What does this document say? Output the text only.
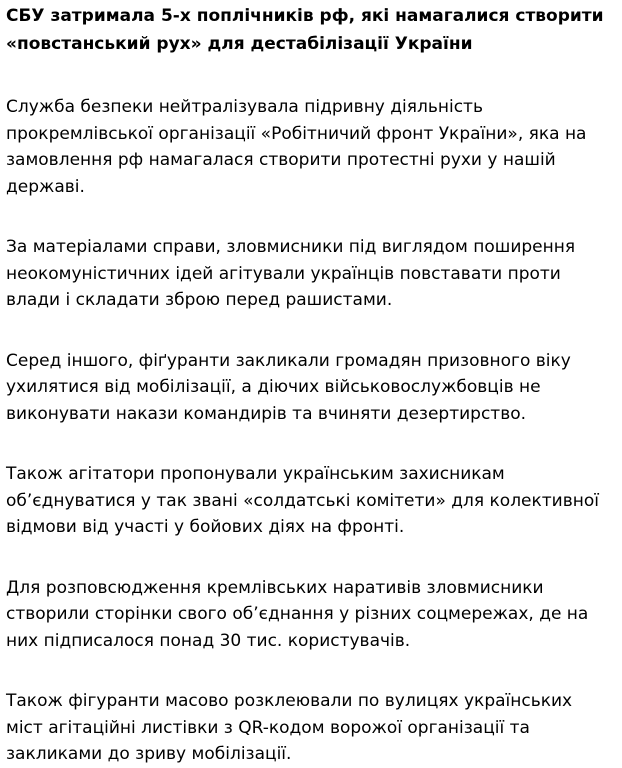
СБУ затримала 5-х поплічників рф, які намагалися створити «повстанський рух» для дестабілізації України

Служба безпеки нейтралізувала підривну діяльність прокремлівської організації «Робітничий фронт України», яка на замовлення рф намагалася створити протестні рухи у нашій державі.

За матеріалами справи, зловмисники під виглядом поширення неокомуністичних ідей агітували українців повставати проти влади і складати зброю перед рашистами.

Серед іншого, фіґуранти закликали громадян призовного віку ухилятися від мобілізації, а діючих військовослужбовців не виконувати накази командирів та вчиняти дезертирство.

Також агітатори пропонували українським захисникам об’єднуватися у так звані «солдатські комітети» для колективної відмови від участі у бойових діях на фронті.

Для розповсюдження кремлівських наративів зловмисники створили сторінки свого об’єднання у різних соцмережах, де на них підписалося понад 30 тис. користувачів.

Також фігуранти масово розклеювали по вулицях українських міст агітаційні листівки з QR-кодом ворожої організації та закликами до зриву мобілізації.
